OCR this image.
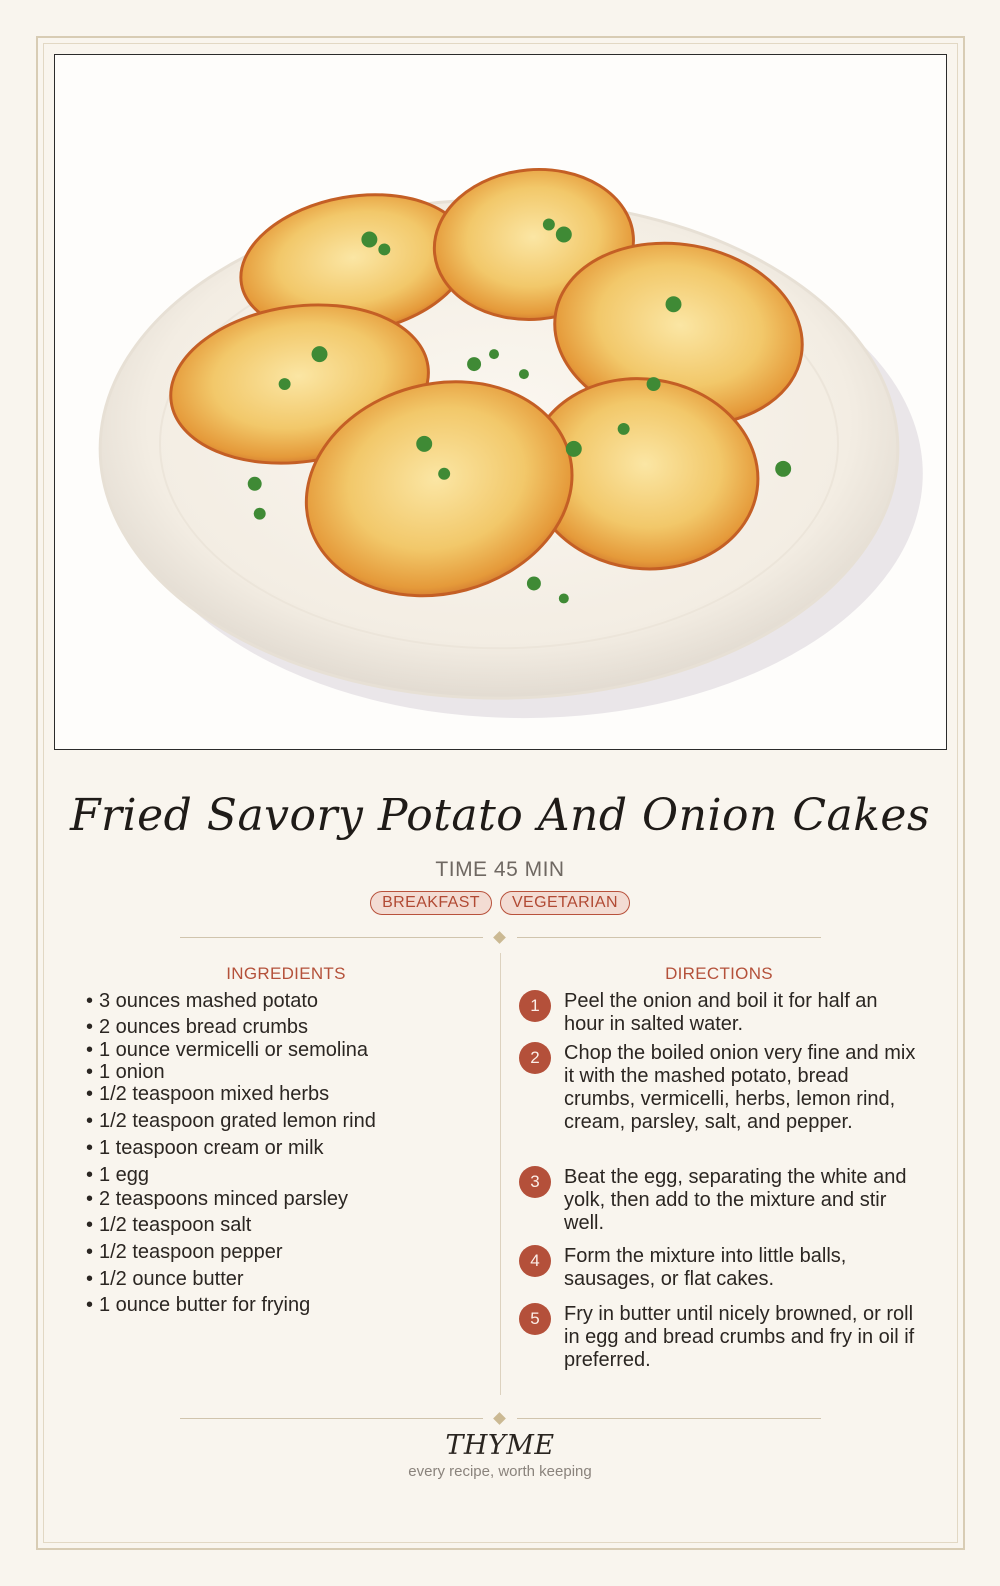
Fried Savory Potato And Onion Cakes
TIME 45 MIN
BREAKFAST	VEGETARIAN
INGREDIENTS	DIRECTIONS
• 3 ounces mashed potato
• 2 ounces bread crumbs
• 1 ounce vermicelli or semolina
• 1 onion
• 1/2 teaspoon mixed herbs
• 1/2 teaspoon grated lemon rind
• 1 teaspoon cream or milk
• 1 egg
• 2 teaspoons minced parsley
• 1/2 teaspoon salt
• 1/2 teaspoon pepper
• 1/2 ounce butter
• 1 ounce butter for frying
1	Peel the onion and boil it for half an hour in salted water.
2	Chop the boiled onion very fine and mix it with the mashed potato, bread crumbs, vermicelli, herbs, lemon rind, cream, parsley, salt, and pepper.
3	Beat the egg, separating the white and yolk, then add to the mixture and stir well.
4	Form the mixture into little balls, sausages, or flat cakes.
5	Fry in butter until nicely browned, or roll in egg and bread crumbs and fry in oil if preferred.
THYME
every recipe, worth keeping
